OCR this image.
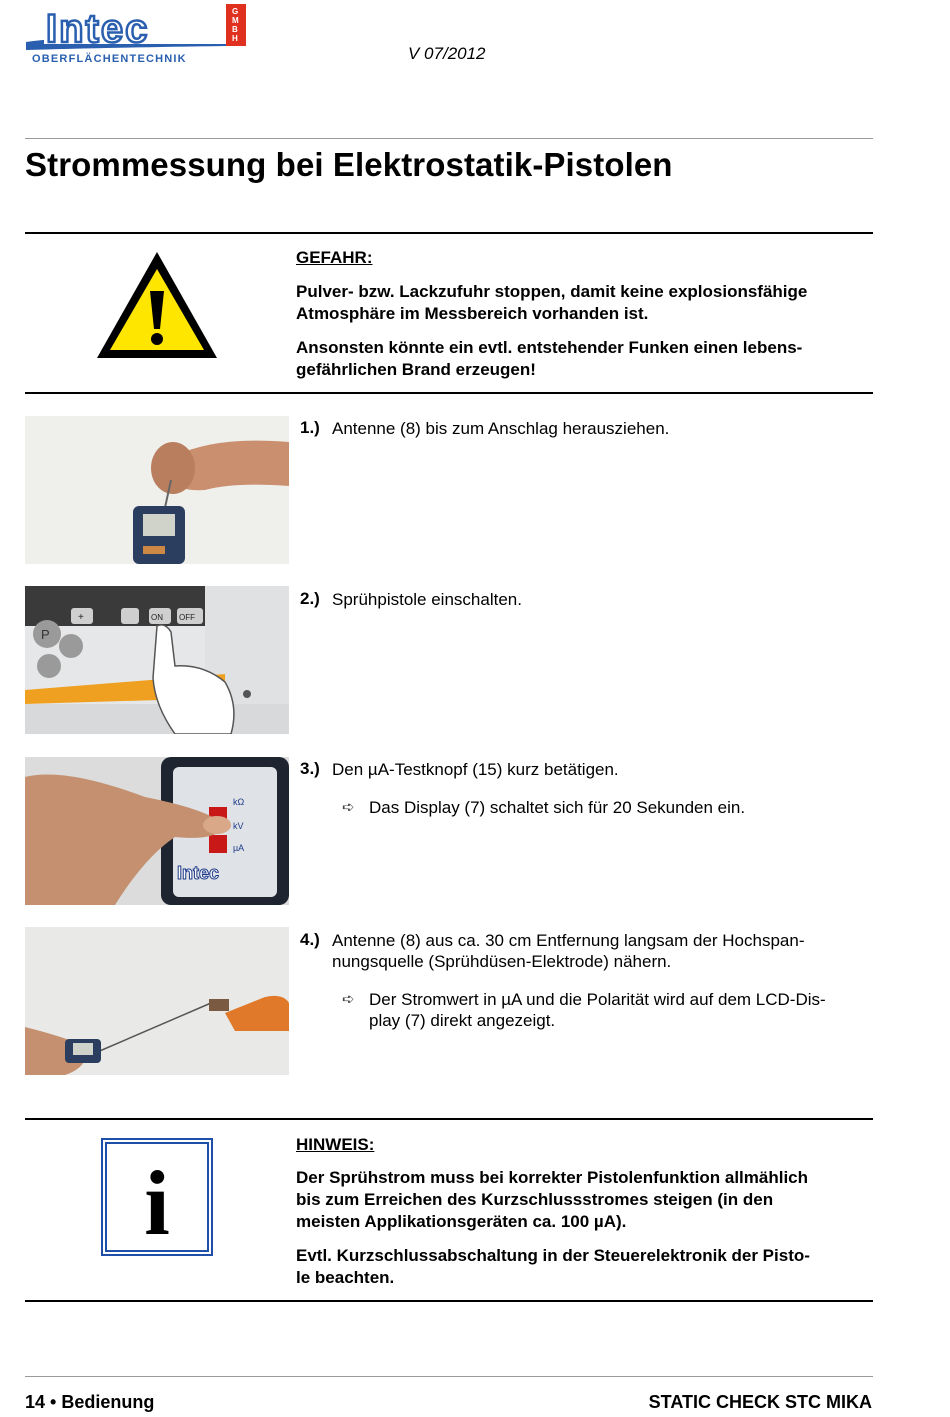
Intec	G
M
B
H
OBERFLÄCHENTECHNIK	V 07/2012
Strommessung bei Elektrostatik-Pistolen
GEFAHR:
Pulver- bzw. Lackzufuhr stoppen, damit keine explosionsfähige
Atmosphäre im Messbereich vorhanden ist.
Ansonsten könnte ein evtl. entstehender Funken einen lebens-
gefährlichen Brand erzeugen!
1.) Antenne (8) bis zum Anschlag herausziehen.
+	ON OFF
P
2.) Sprühpistole einschalten.
kΩ
kV
µA
Intec
3.) Den µA-Testknopf (15) kurz betätigen.
➪ Das Display (7) schaltet sich für 20 Sekunden ein.
4.) Antenne (8) aus ca. 30 cm Entfernung langsam der Hochspan-
nungsquelle (Sprühdüsen-Elektrode) nähern.
➪ Der Stromwert in µA und die Polarität wird auf dem LCD-Dis-
play (7) direkt angezeigt.
i
HINWEIS:
Der Sprühstrom muss bei korrekter Pistolenfunktion allmählich
bis zum Erreichen des Kurzschlussstromes steigen (in den
meisten Applikationsgeräten ca. 100 µA).
Evtl. Kurzschlussabschaltung in der Steuerelektronik der Pisto-
le beachten.
14 • Bedienung	STATIC CHECK STC MIKA
